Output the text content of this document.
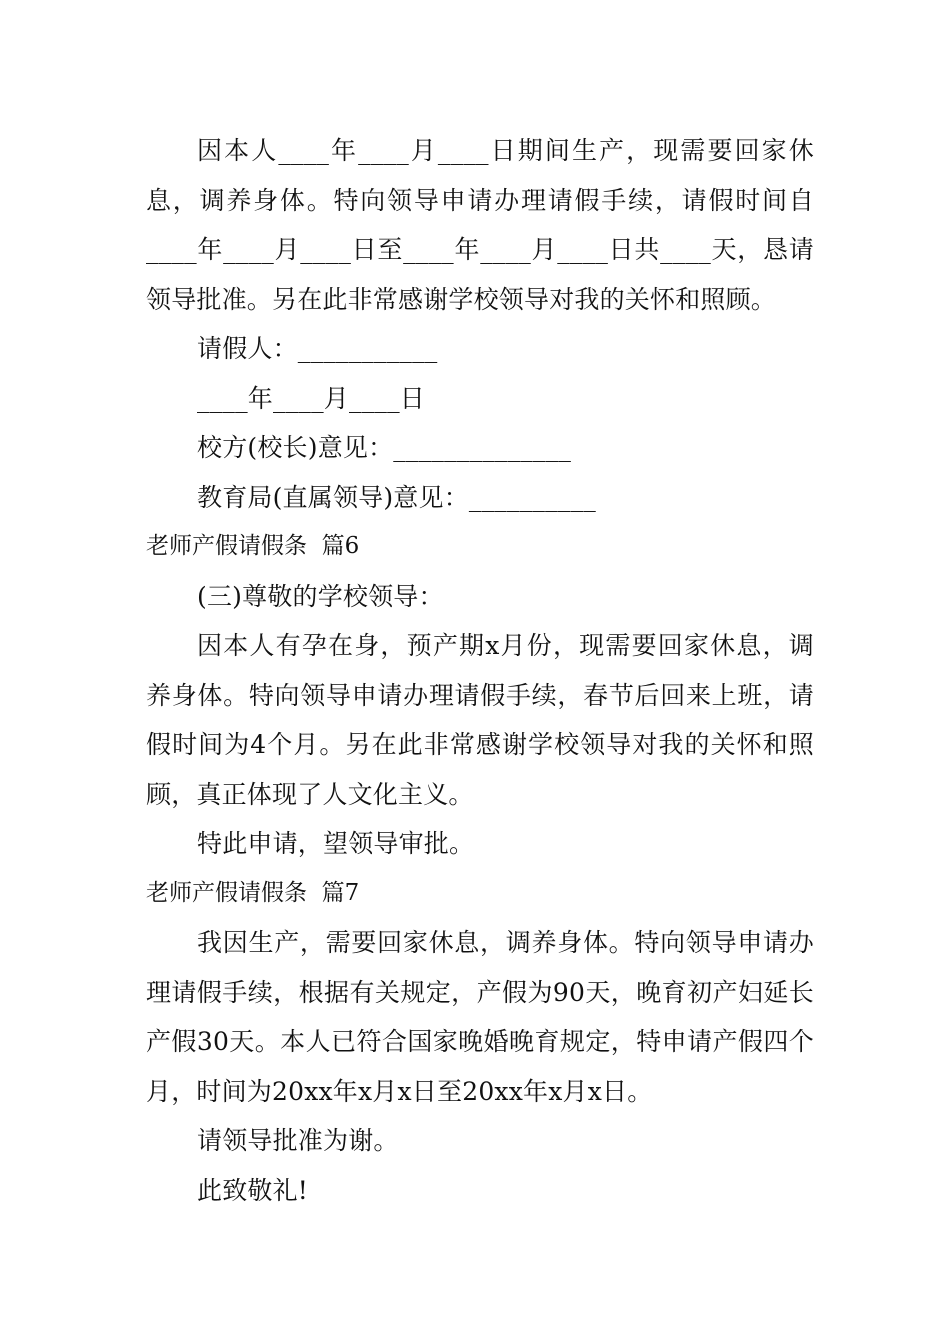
因本人____年____月____日期间生产，现需要回家休息，调养身体。特向领导申请办理请假手续，请假时间自____年____月____日至____年____月____日共____天，恳请领导批准。另在此非常感谢学校领导对我的关怀和照顾。

请假人：___________

____年____月____日

校方(校长)意见：______________

教育局(直属领导)意见：__________

老师产假请假条  篇6

(三)尊敬的学校领导：

因本人有孕在身，预产期x月份，现需要回家休息，调养身体。特向领导申请办理请假手续，春节后回来上班，请假时间为4个月。另在此非常感谢学校领导对我的关怀和照顾，真正体现了人文化主义。

特此申请，望领导审批。

老师产假请假条  篇7

我因生产，需要回家休息，调养身体。特向领导申请办理请假手续，根据有关规定，产假为90天，晚育初产妇延长产假30天。本人已符合国家晚婚晚育规定，特申请产假四个月，时间为20xx年x月x日至20xx年x月x日。

请领导批准为谢。

此致敬礼!
